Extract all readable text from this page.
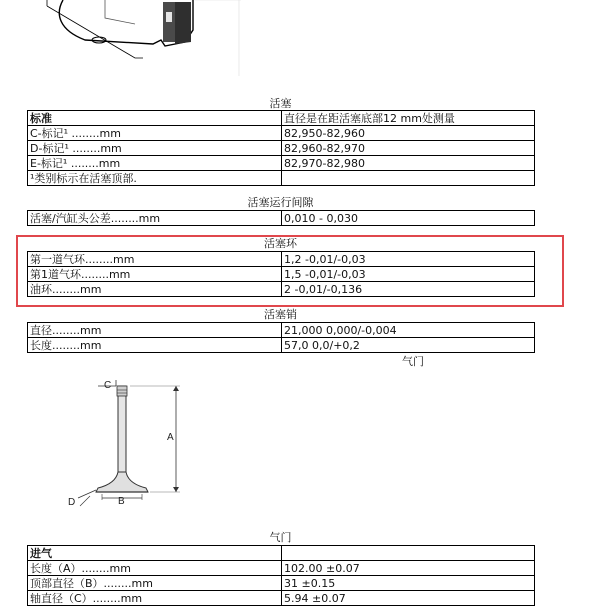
活塞
标准	直径是在距活塞底部12 mm处测量
C-标记¹ ........mm	82,950-82,960
D-标记¹ ........mm	82,960-82,970
E-标记¹ ........mm	82,970-82,980
¹类别标示在活塞顶部.	
活塞运行间隙
活塞/汽缸头公差........mm	0,010 - 0,030
活塞环
第一道气环........mm	1,2 -0,01/-0,03
第1道气环........mm	1,5 -0,01/-0,03
油环........mm	2 -0,01/-0,136
活塞销
直径........mm	21,000 0,000/-0,004
长度........mm	57,0 0,0/+0,2
气门
A
C
B
D
气门
进气	
长度（A）........mm	102.00 ±0.07
顶部直径（B）........mm	31 ±0.15
轴直径（C）........mm	5.94 ±0.07
